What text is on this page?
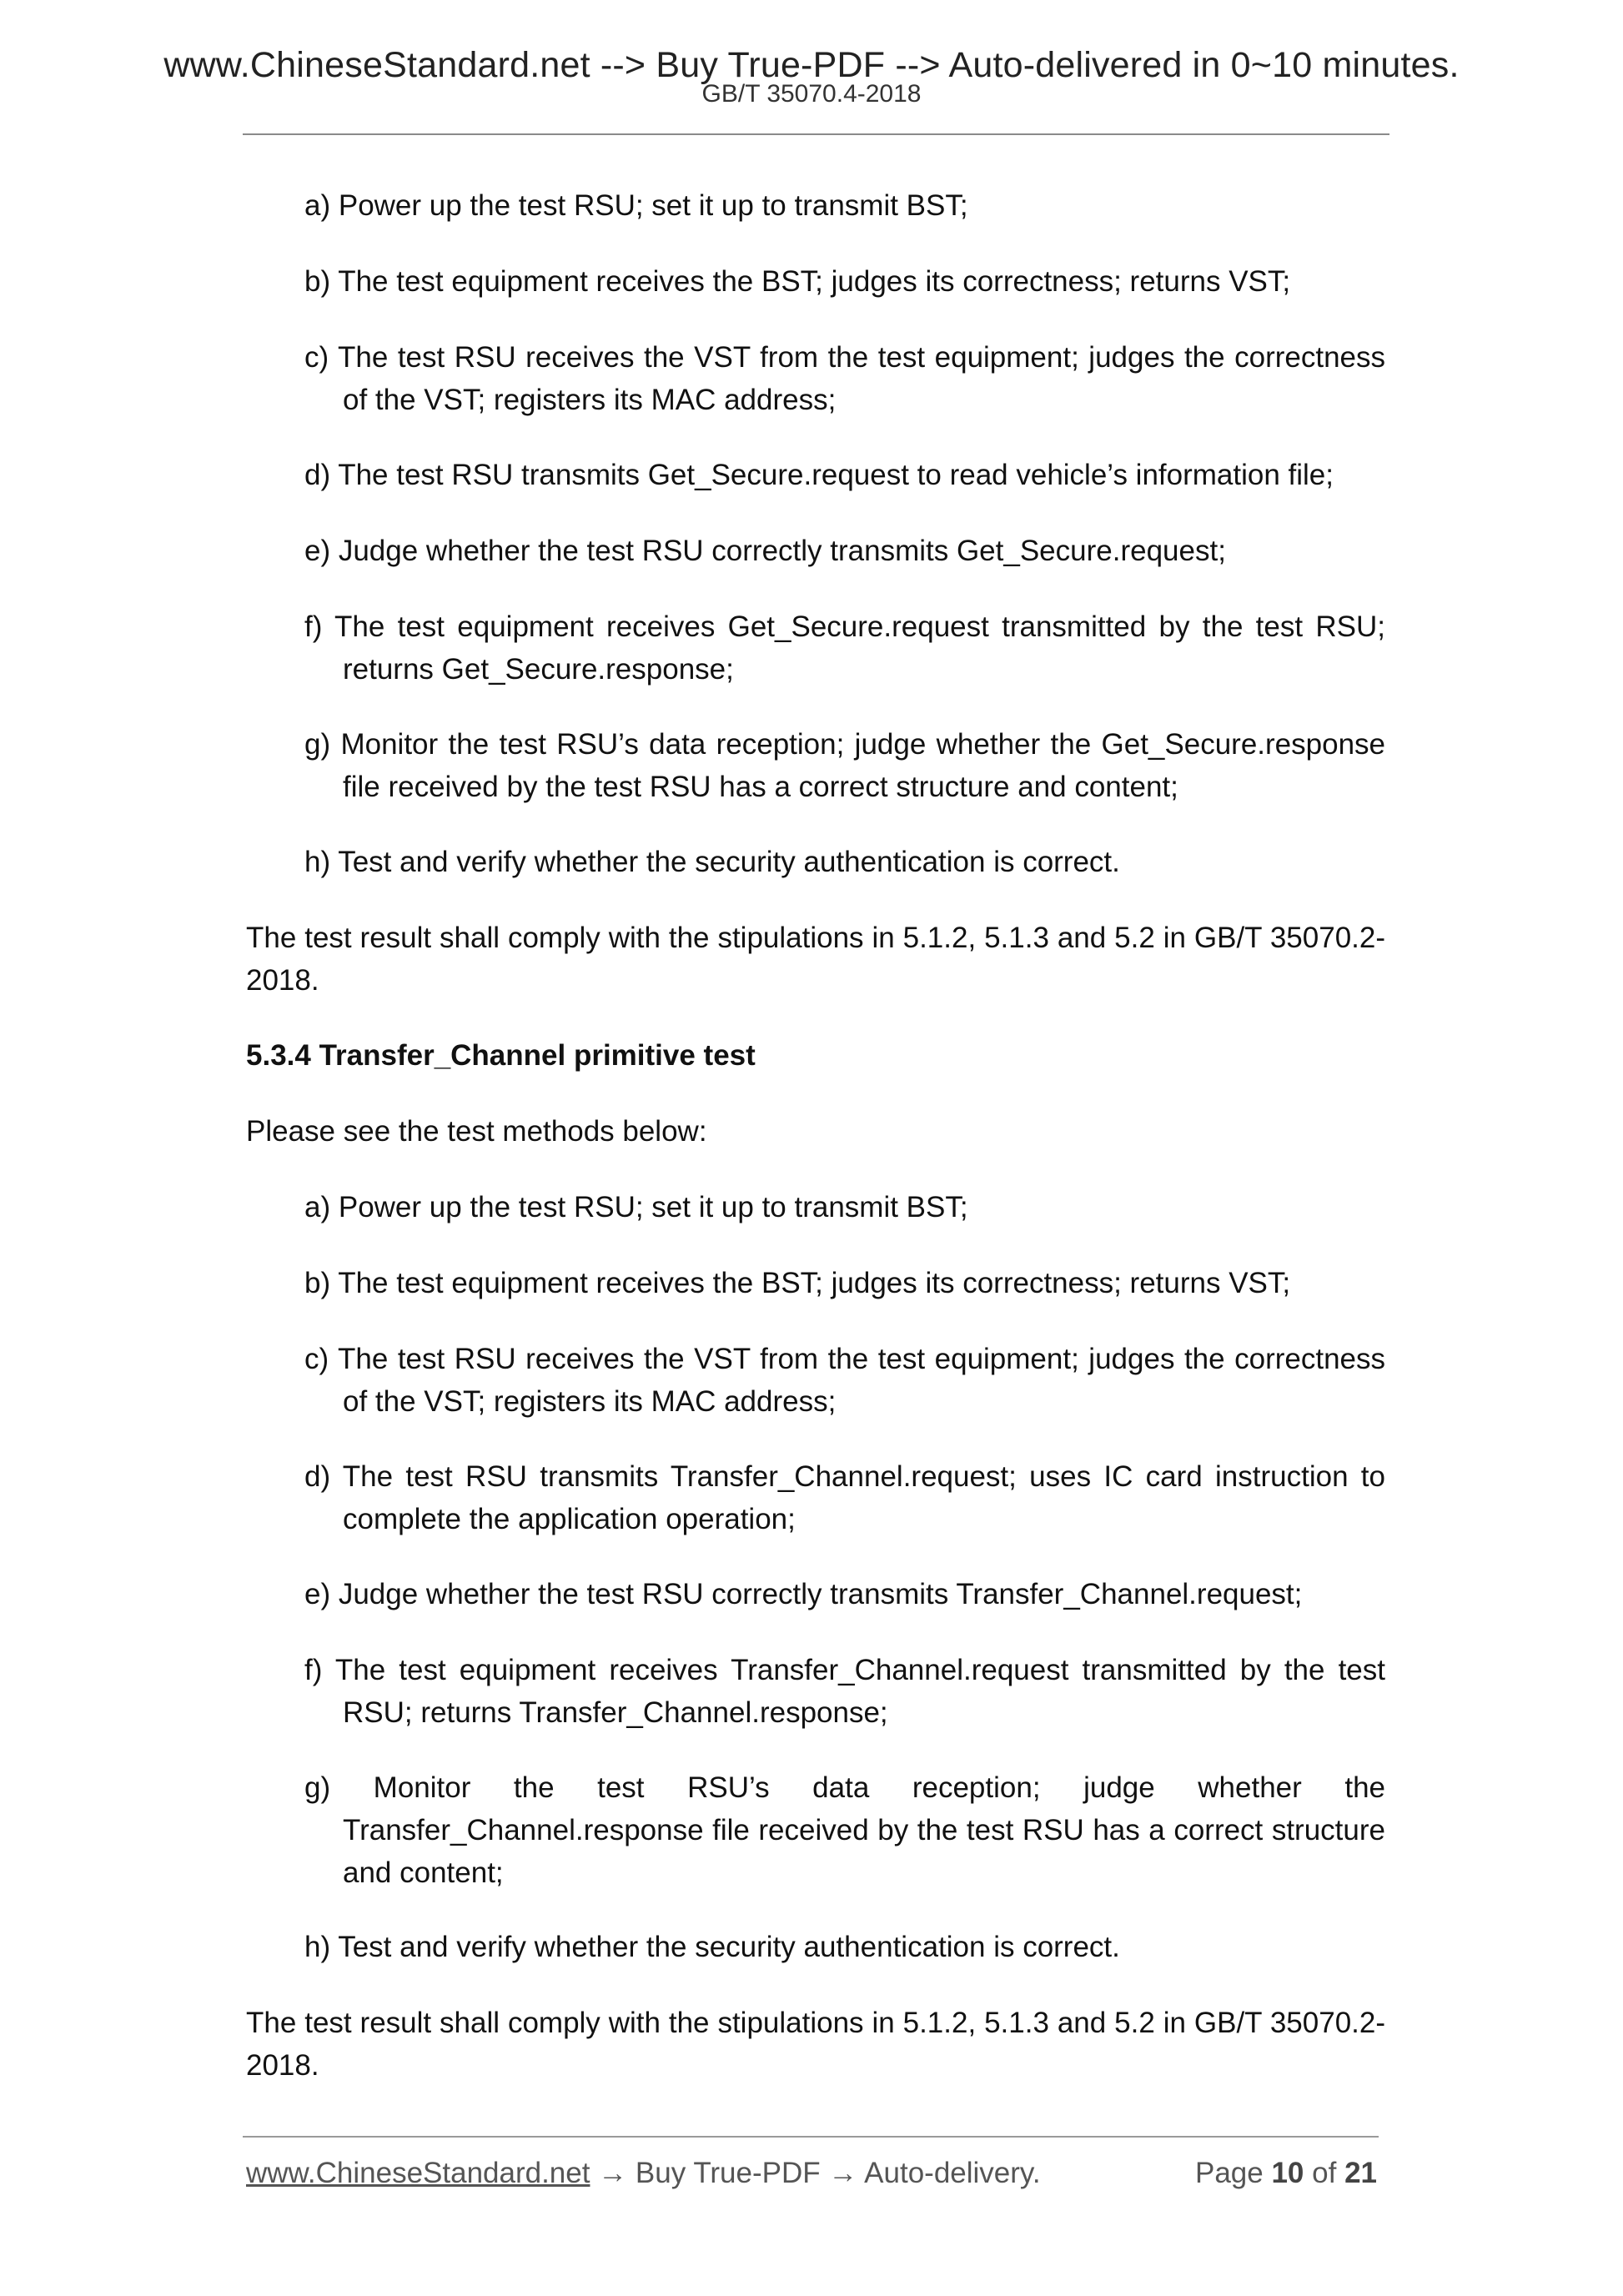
www.ChineseStandard.net --> Buy True-PDF --> Auto-delivered in 0~10 minutes.
GB/T 35070.4-2018

a) Power up the test RSU; set it up to transmit BST;

b) The test equipment receives the BST; judges its correctness; returns VST;

c) The test RSU receives the VST from the test equipment; judges the correctness of the VST; registers its MAC address;

d) The test RSU transmits Get_Secure.request to read vehicle’s information file;

e) Judge whether the test RSU correctly transmits Get_Secure.request;

f) The test equipment receives Get_Secure.request transmitted by the test RSU; returns Get_Secure.response;

g) Monitor the test RSU’s data reception; judge whether the Get_Secure.response file received by the test RSU has a correct structure and content;

h) Test and verify whether the security authentication is correct.

The test result shall comply with the stipulations in 5.1.2, 5.1.3 and 5.2 in GB/T 35070.2-2018.

5.3.4 Transfer_Channel primitive test

Please see the test methods below:

a) Power up the test RSU; set it up to transmit BST;

b) The test equipment receives the BST; judges its correctness; returns VST;

c) The test RSU receives the VST from the test equipment; judges the correctness of the VST; registers its MAC address;

d) The test RSU transmits Transfer_Channel.request; uses IC card instruction to complete the application operation;

e) Judge whether the test RSU correctly transmits Transfer_Channel.request;

f) The test equipment receives Transfer_Channel.request transmitted by the test RSU; returns Transfer_Channel.response;

g) Monitor the test RSU’s data reception; judge whether the Transfer_Channel.response file received by the test RSU has a correct structure and content;

h) Test and verify whether the security authentication is correct.

The test result shall comply with the stipulations in 5.1.2, 5.1.3 and 5.2 in GB/T 35070.2-2018.

www.ChineseStandard.net → Buy True-PDF → Auto-delivery.	Page 10 of 21
